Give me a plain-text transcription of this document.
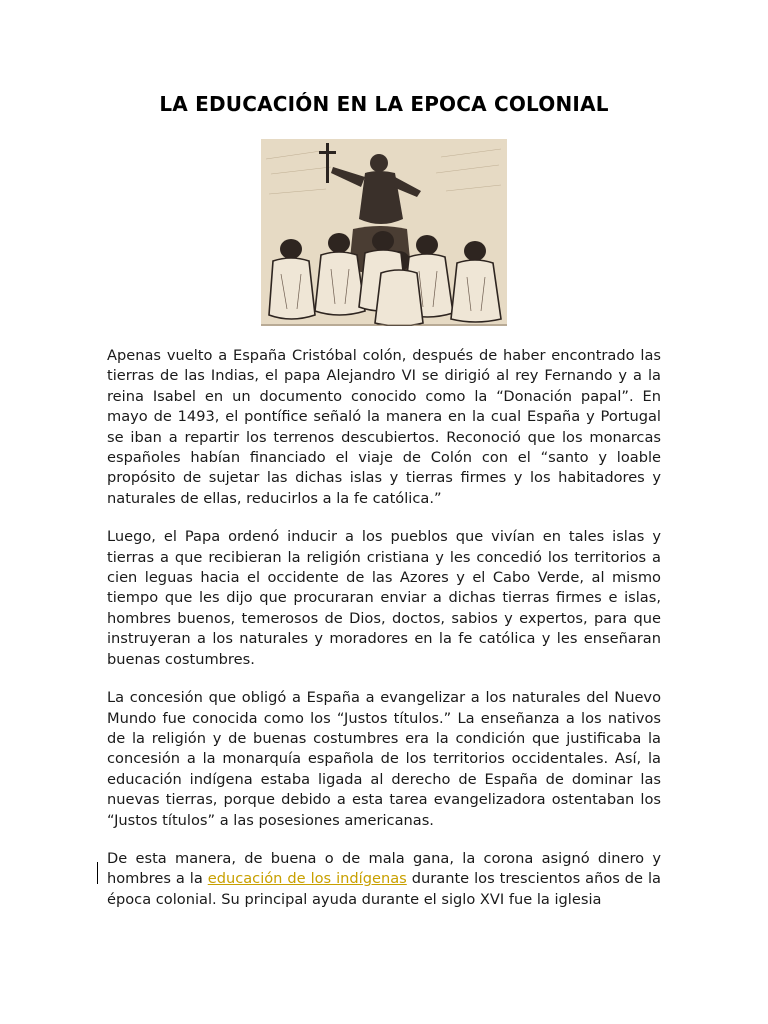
LA EDUCACIÓN EN LA EPOCA COLONIAL

Apenas vuelto a España Cristóbal colón, después de haber encontrado las tierras de las Indias, el papa Alejandro VI se dirigió al rey Fernando y a la reina Isabel en un documento conocido como la “Donación papal”. En mayo de 1493, el pontífice señaló la manera en la cual España y Portugal se iban a repartir los terrenos descubiertos. Reconoció que los monarcas españoles habían financiado el viaje de Colón con el “santo y loable propósito de sujetar las dichas islas y tierras firmes y los habitadores y naturales de ellas, reducirlos a la fe católica.”

Luego, el Papa ordenó inducir a los pueblos que vivían en tales islas y tierras a que recibieran la religión cristiana y les concedió los territorios a cien leguas hacia el occidente de las Azores y el Cabo Verde, al mismo tiempo que les dijo que procuraran enviar a dichas tierras firmes e islas, hombres buenos, temerosos de Dios, doctos, sabios y expertos, para que instruyeran a los naturales y moradores en la fe católica y les enseñaran buenas costumbres.

La concesión que obligó a España a evangelizar a los naturales del Nuevo Mundo fue conocida como los “Justos títulos.” La enseñanza a los nativos de la religión y de buenas costumbres era la condición que justificaba la concesión a la monarquía española de los territorios occidentales. Así, la educación indígena estaba ligada al derecho de España de dominar las nuevas tierras, porque debido a esta tarea evangelizadora ostentaban los “Justos títulos” a las posesiones americanas.

De esta manera, de buena o de mala gana, la corona asignó dinero y hombres a la educación de los indígenas durante los trescientos años de la época colonial. Su principal ayuda durante el siglo XVI fue la iglesia
